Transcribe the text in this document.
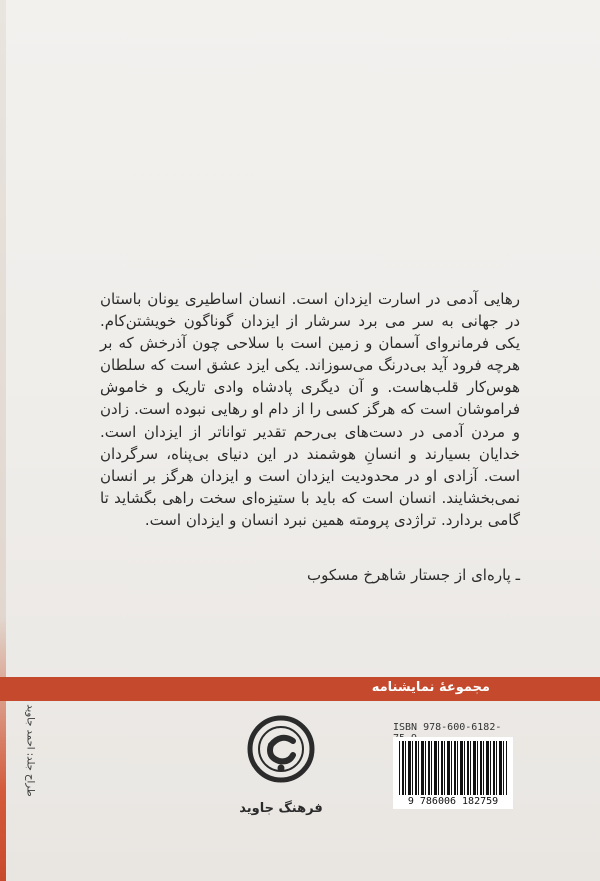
رهایی آدمی در اسارت ایزدان است. انسان اساطیری یونان باستان در جهانی به سر می برد سرشار از ایزدان گوناگون خویشتن‌کام. یکی فرمانروای آسمان و زمین است با سلاحی چون آذرخش که بر هرچه فرود آید بی‌درنگ می‌سوزاند. یکی ایزد عشق است که سلطان هوس‌کار قلب‌هاست. و آن دیگری پادشاه وادی تاریک و خاموش فراموشان است که هرگز کسی را از دام او رهایی نبوده است. زادن و مردن آدمی در دست‌های بی‌رحم تقدیر تواناتر از ایزدان است. خدایان بسیارند و انسانِ هوشمند در این دنیای بی‌پناه، سرگردان است. آزادی او در محدودیت ایزدان است و ایزدان هرگز بر انسان نمی‌بخشایند. انسان است که باید با ستیزه‌ای سخت راهی بگشاید تا گامی بردارد. تراژدی پرومته همین نبرد انسان و ایزدان است.
ـ پاره‌ای از جستار شاهرخ مسکوب
مجموعهٔ نمایشنامه
فرهنگ جاوید
ISBN 978-600-6182-
9 786006 182759
طراح جلد: احمد جاوید
